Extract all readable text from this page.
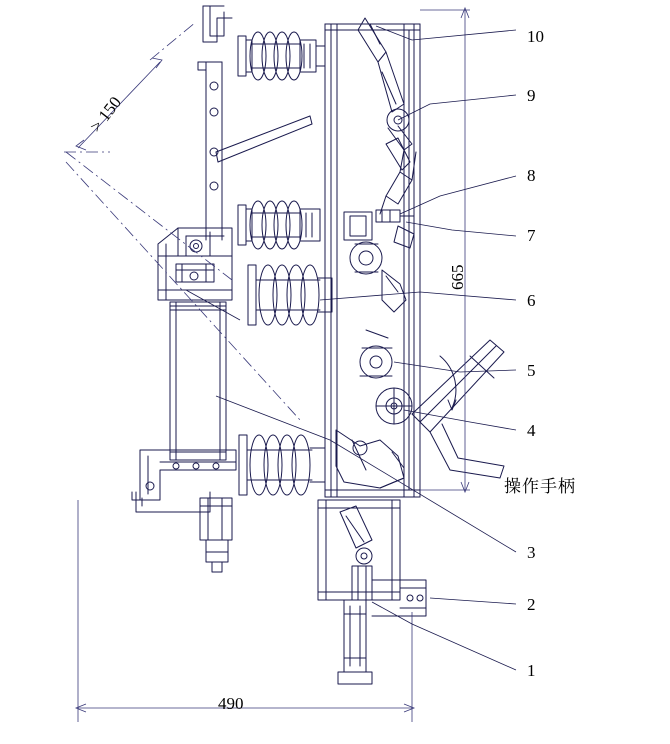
10
9
8
7
6
5
4
3
2
1
490
665
> 150
操作手柄
